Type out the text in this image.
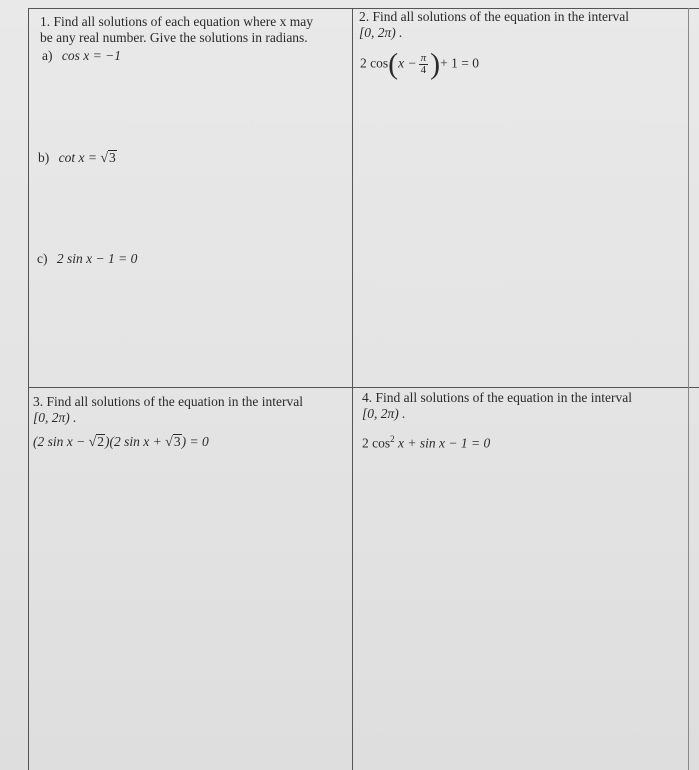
1. Find all solutions of each equation where x may

be any real number. Give the solutions in radians.

a) cos x = −1
b) cot x = √3
c) 2 sin x − 1 = 0

2. Find all solutions of the equation in the interval

[0, 2π) .

2 $\cos(x - \frac{\pi}{4}$ )+ 1 = 0

3. Find all solutions of the equation in the interval

[0, 2π) .

(2 sin x − √2)(2 sin x + √3) = 0

4. Find all solutions of the equation in the interval

[0, 2π) .

2 $\cos^2 x + \sin x - 1 = 0$
